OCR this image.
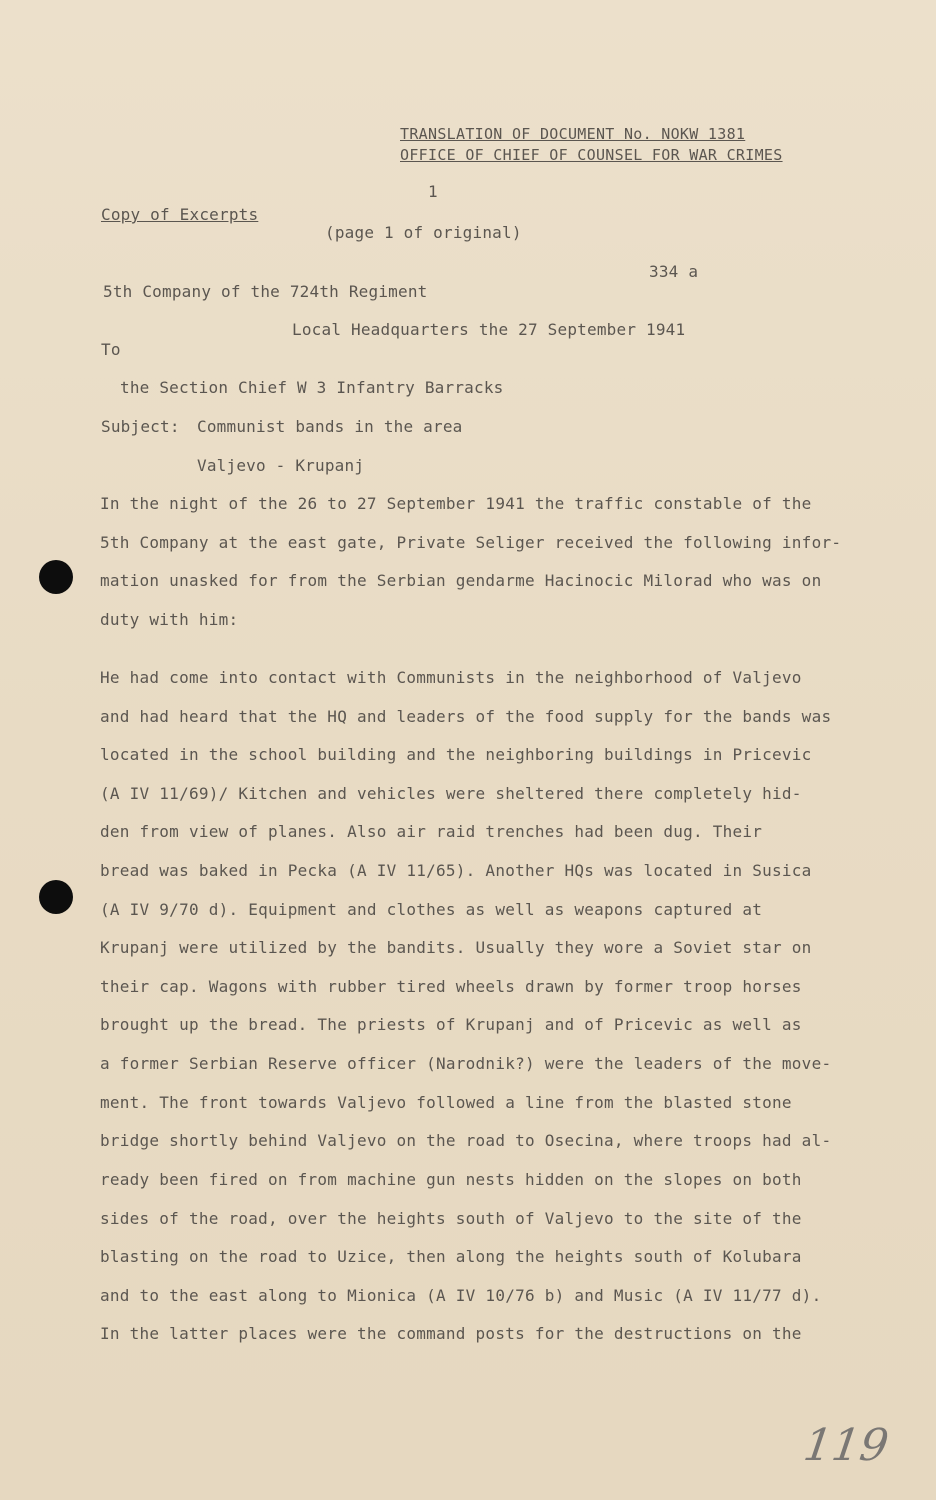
TRANSLATION OF DOCUMENT No. NOKW 1381
OFFICE OF CHIEF OF COUNSEL FOR WAR CRIMES
1
Copy of Excerpts
(page 1 of original)
334 a
5th Company of the 724th Regiment
Local Headquarters the 27 September 1941
To
the Section Chief W 3 Infantry Barracks
Subject: Communist bands in the area
Valjevo - Krupanj
In the night of the 26 to 27 September 1941 the traffic constable of the
5th Company at the east gate, Private Seliger received the following infor-
mation unasked for from the Serbian gendarme Hacinocic Milorad who was on
duty with him:
He had come into contact with Communists in the neighborhood of Valjevo
and had heard that the HQ and leaders of the food supply for the bands was
located in the school building and the neighboring buildings in Pricevic
(A IV 11/69)/ Kitchen and vehicles were sheltered there completely hid-
den from view of planes. Also air raid trenches had been dug. Their
bread was baked in Pecka (A IV 11/65). Another HQs was located in Susica
(A IV 9/70 d). Equipment and clothes as well as weapons captured at
Krupanj were utilized by the bandits. Usually they wore a Soviet star on
their cap. Wagons with rubber tired wheels drawn by former troop horses
brought up the bread. The priests of Krupanj and of Pricevic as well as
a former Serbian Reserve officer (Narodnik?) were the leaders of the move-
ment. The front towards Valjevo followed a line from the blasted stone
bridge shortly behind Valjevo on the road to Osecina, where troops had al-
ready been fired on from machine gun nests hidden on the slopes on both
sides of the road, over the heights south of Valjevo to the site of the
blasting on the road to Uzice, then along the heights south of Kolubara
and to the east along to Mionica (A IV 10/76 b) and Music (A IV 11/77 d).
In the latter places were the command posts for the destructions on the
119
